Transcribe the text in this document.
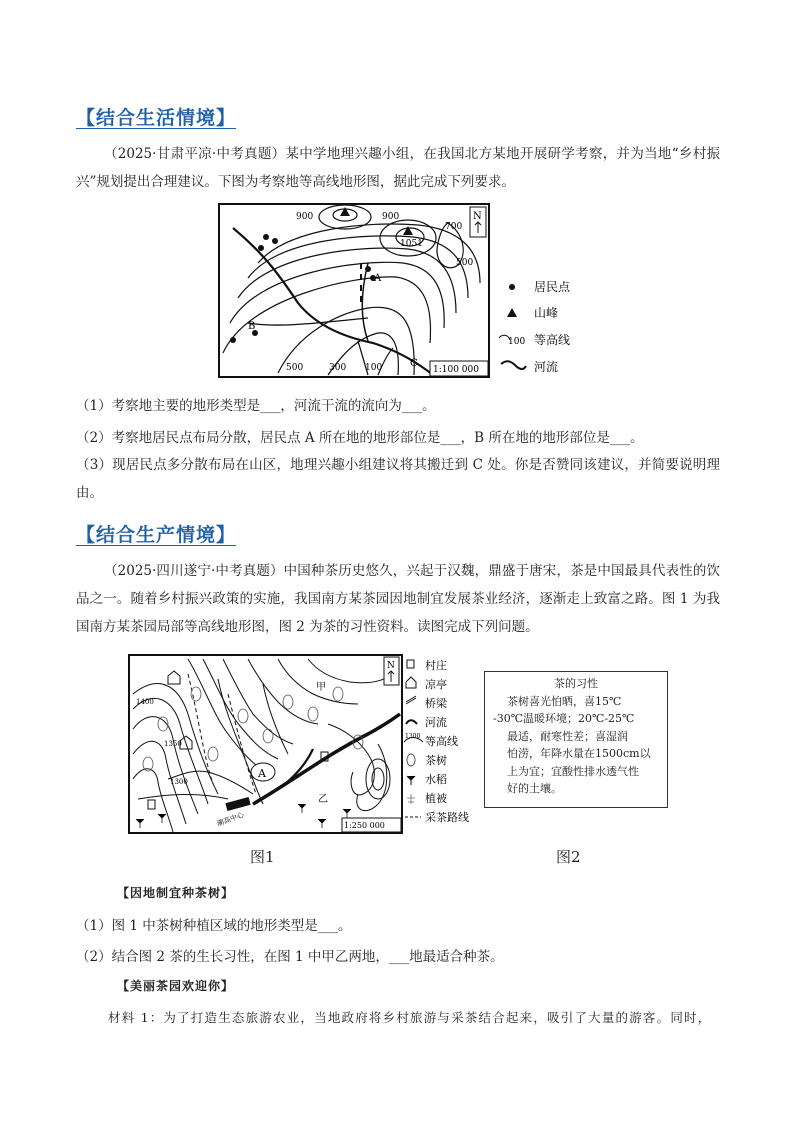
【结合生活情境】
（2025·甘肃平凉·中考真题）某中学地理兴趣小组，在我国北方某地开展研学考察，并为当地“乡村振兴”规划提出合理建议。下图为考察地等高线地形图，据此完成下列要求。
900	900
700
500
500	300 100
1051
A
B
C
N
1:100 000
居民点
山峰
100 等高线
河流
（1）考察地主要的地形类型是___，河流干流的流向为___。
（2）考察地居民点布局分散，居民点 A 所在地的地形部位是___，B 所在地的地形部位是___。
（3）现居民点多分散布局在山区，地理兴趣小组建议将其搬迁到 C 处。你是否赞同该建议，并简要说明理由。
【结合生产情境】
（2025·四川遂宁·中考真题）中国种茶历史悠久，兴起于汉魏，鼎盛于唐宋，茶是中国最具代表性的饮品之一。随着乡村振兴政策的实施，我国南方某茶园因地制宜发展茶业经济，逐渐走上致富之路。图 1 为我国南方某茶园局部等高线地形图，图 2 为茶的习性资料。读图完成下列问题。
A
甲
乙
1400
1300
1350
潮高中心
N
1:250 000
村庄
凉亭
桥梁
河流
1300 等高线
茶树
水稻
植被
采茶路线
茶的习性
茶树喜光怕晒，喜15℃
-30℃温暖环境；20℃-25℃
最适，耐寒性差；喜湿润
怕涝，年降水量在1500cm以
上为宜；宜酸性排水透气性
好的土壤。
图1	图2
【因地制宜种茶树】
（1）图 1 中茶树种植区域的地形类型是___。
（2）结合图 2 茶的生长习性，在图 1 中甲乙两地，___地最适合种茶。
【美丽茶园欢迎你】
材料 1：为了打造生态旅游农业，当地政府将乡村旅游与采茶结合起来，吸引了大量的游客。同时，
